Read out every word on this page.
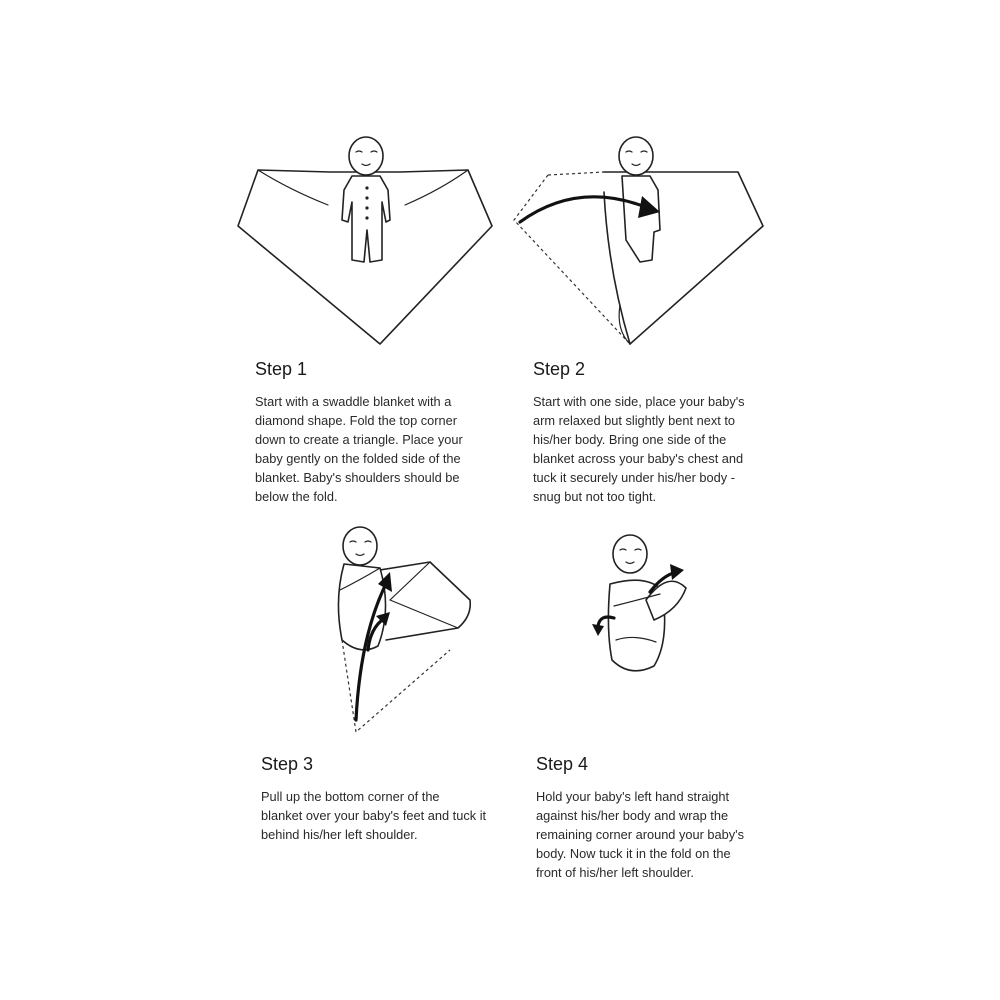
Step 1

Start with a swaddle blanket with a
diamond shape. Fold the top corner
down to create a triangle. Place your
baby gently on the folded side of the
blanket. Baby's shoulders should be
below the fold.

Step 2

Start with one side, place your baby's
arm relaxed but slightly bent next to
his/her body. Bring one side of the
blanket across your baby's chest and
tuck it securely under his/her body -
snug but not too tight.

Step 3

Pull up the bottom corner of the
blanket over your baby's feet and tuck it
behind his/her left shoulder.

Step 4

Hold your baby's left hand straight
against his/her body and wrap the
remaining corner around your baby's
body. Now tuck it in the fold on the
front of his/her left shoulder.
